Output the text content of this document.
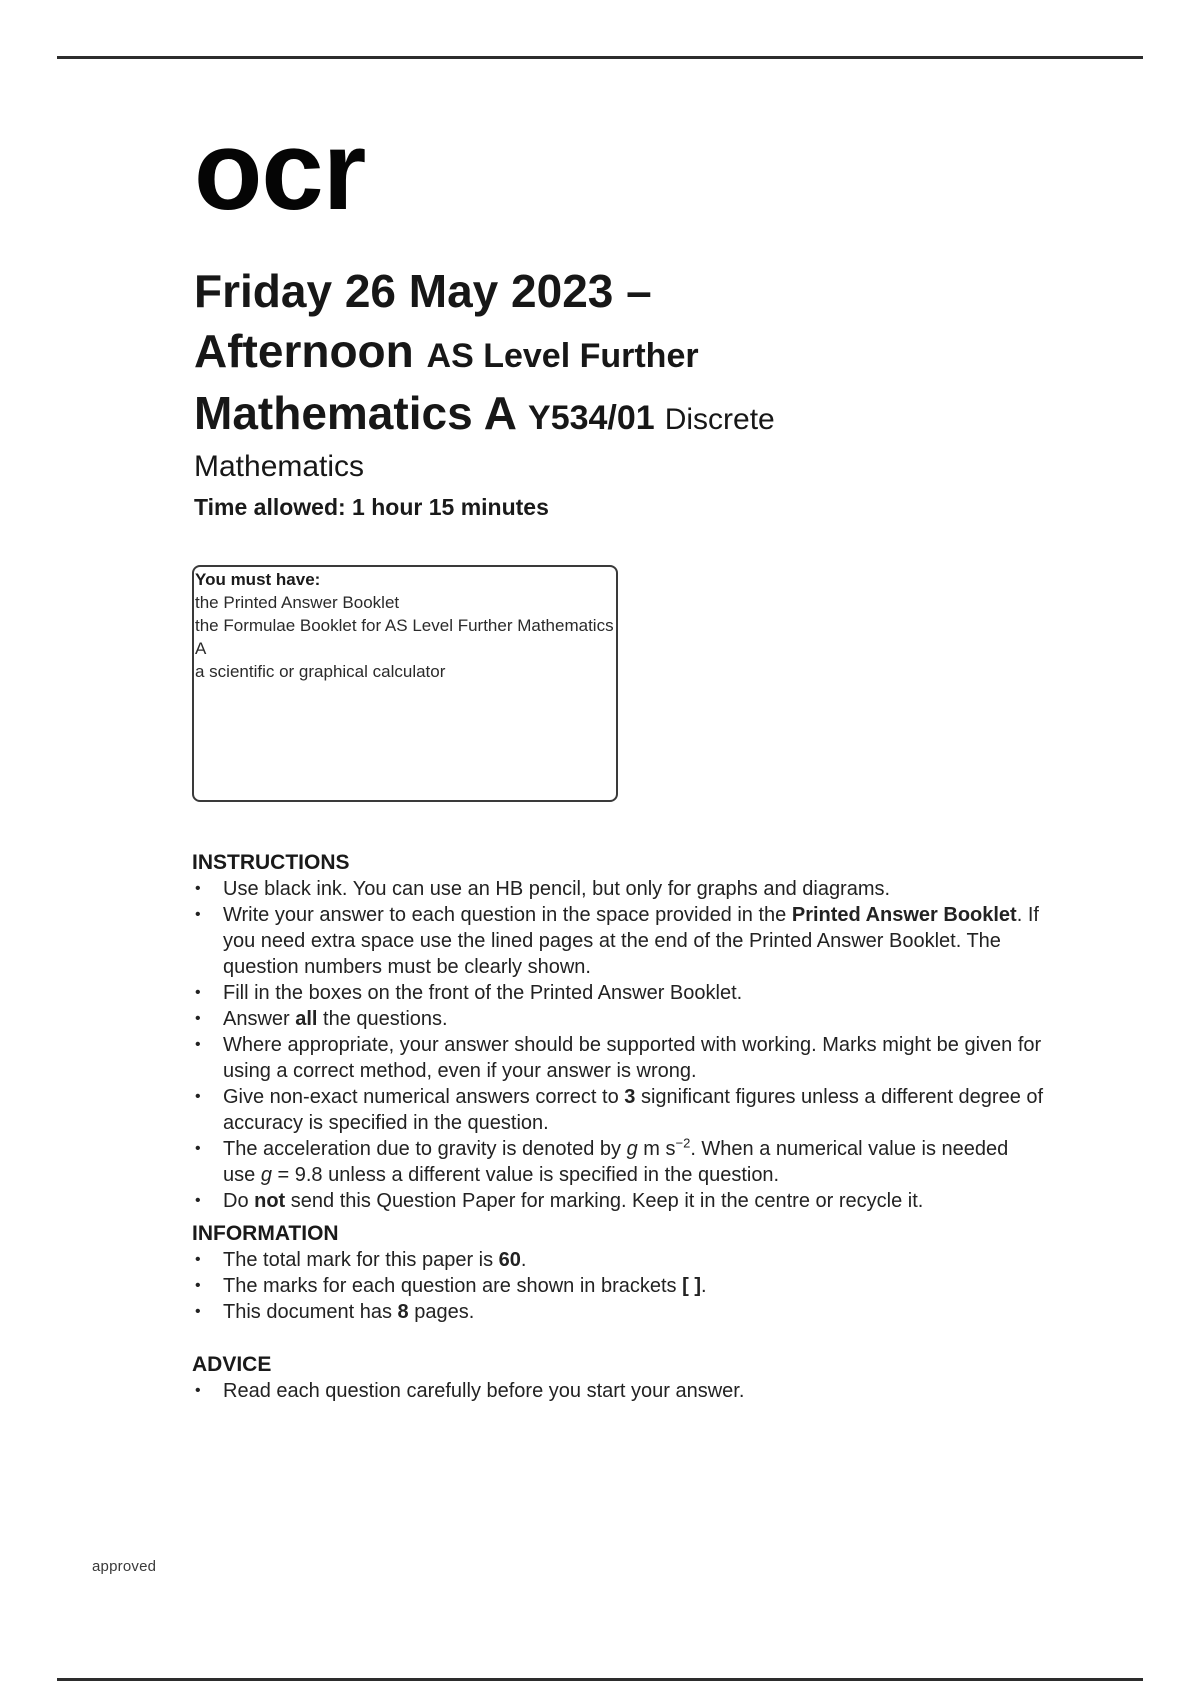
ocr
Friday 26 May 2023 –
Afternoon AS Level Further
Mathematics A Y534/01 Discrete
Mathematics
Time allowed: 1 hour 15 minutes
You must have:
the Printed Answer Booklet
the Formulae Booklet for AS Level Further Mathematics A
a scientific or graphical calculator
INSTRUCTIONS
•	Use black ink. You can use an HB pencil, but only for graphs and diagrams.
•	Write your answer to each question in the space provided in the Printed Answer Booklet. If you need extra space use the lined pages at the end of the Printed Answer Booklet. The question numbers must be clearly shown.
•	Fill in the boxes on the front of the Printed Answer Booklet.
•	Answer all the questions.
•	Where appropriate, your answer should be supported with working. Marks might be given for using a correct method, even if your answer is wrong.
•	Give non-exact numerical answers correct to 3 significant figures unless a different degree of accuracy is specified in the question.
•	The acceleration due to gravity is denoted by g m $s^{-2}$. When a numerical value is needed use g = 9.8 unless a different value is specified in the question.
•	Do not send this Question Paper for marking. Keep it in the centre or recycle it.
INFORMATION
•	The total mark for this paper is 60.
•	The marks for each question are shown in brackets [ ].
•	This document has 8 pages.
ADVICE
•	Read each question carefully before you start your answer.
approved
